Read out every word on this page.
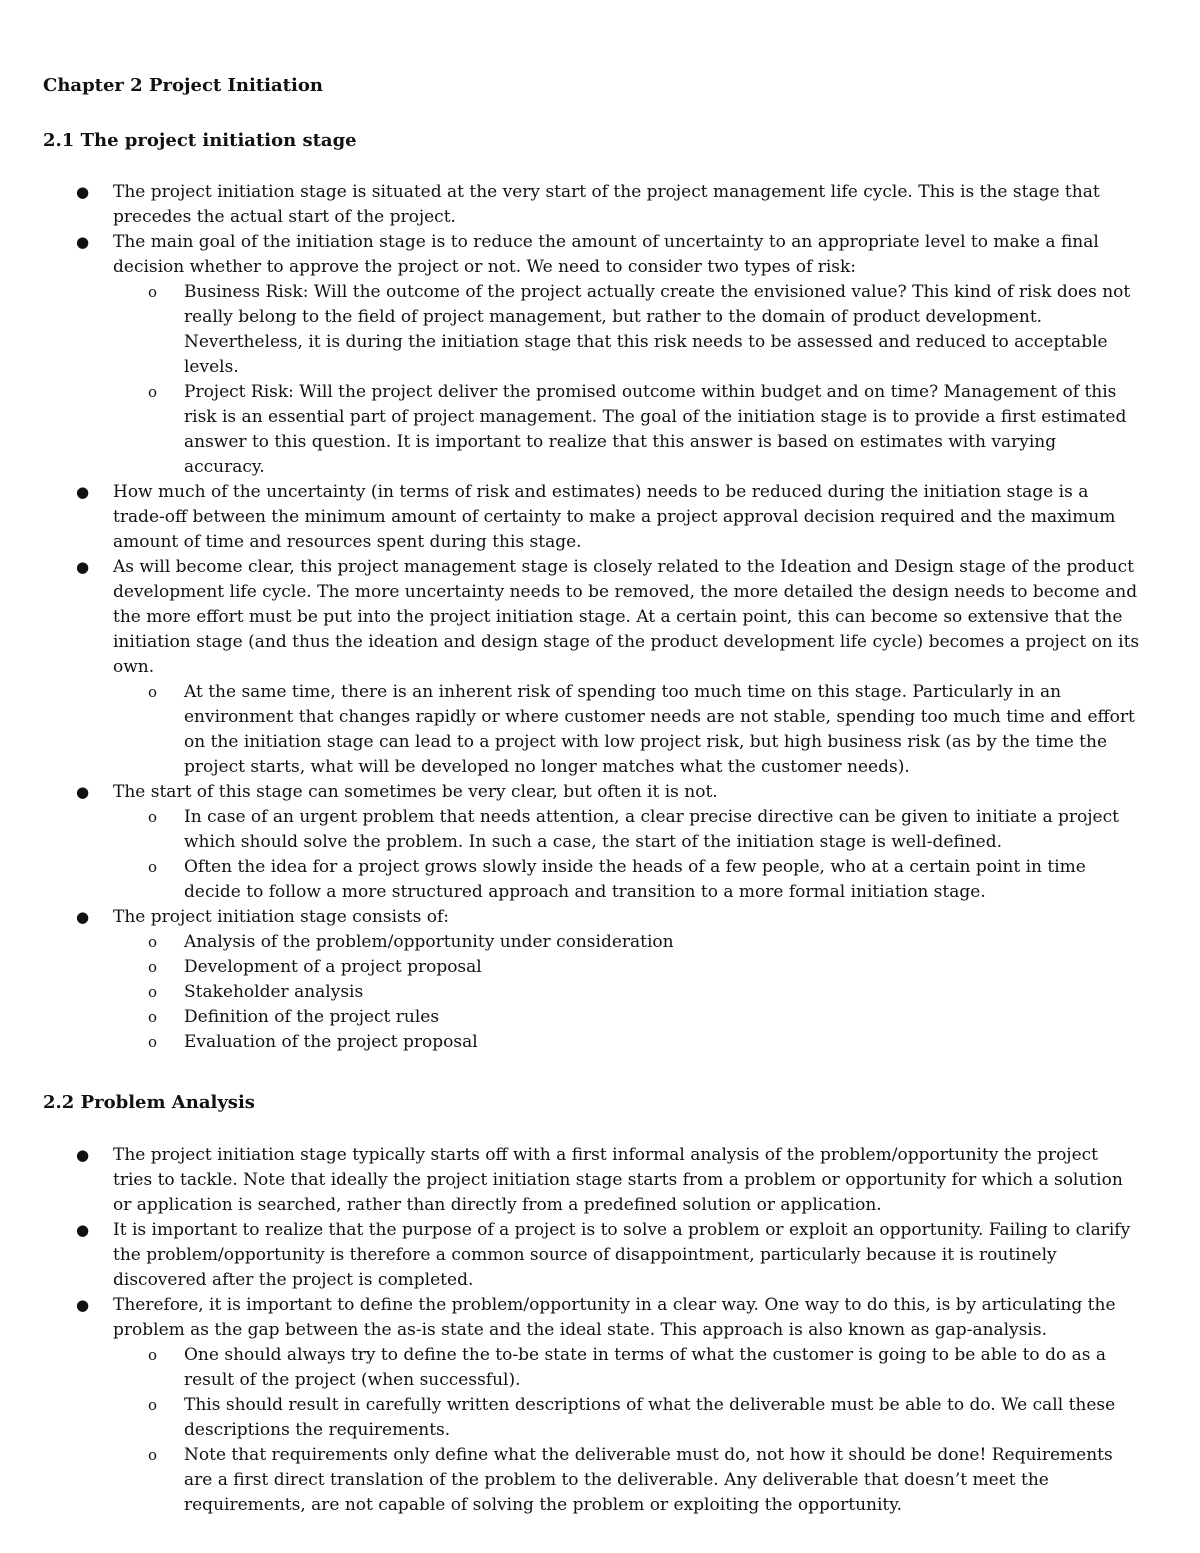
Chapter 2 Project Initiation
2.1 The project initiation stage
● The project initiation stage is situated at the very start of the project management life cycle. This is the stage that precedes the actual start of the project.
● The main goal of the initiation stage is to reduce the amount of uncertainty to an appropriate level to make a final decision whether to approve the project or not. We need to consider two types of risk:
o Business Risk: Will the outcome of the project actually create the envisioned value? This kind of risk does not really belong to the field of project management, but rather to the domain of product development. Nevertheless, it is during the initiation stage that this risk needs to be assessed and reduced to acceptable levels.
o Project Risk: Will the project deliver the promised outcome within budget and on time? Management of this risk is an essential part of project management. The goal of the initiation stage is to provide a first estimated answer to this question. It is important to realize that this answer is based on estimates with varying accuracy.
● How much of the uncertainty (in terms of risk and estimates) needs to be reduced during the initiation stage is a trade-off between the minimum amount of certainty to make a project approval decision required and the maximum amount of time and resources spent during this stage.
● As will become clear, this project management stage is closely related to the Ideation and Design stage of the product development life cycle. The more uncertainty needs to be removed, the more detailed the design needs to become and the more effort must be put into the project initiation stage. At a certain point, this can become so extensive that the initiation stage (and thus the ideation and design stage of the product development life cycle) becomes a project on its own.
o At the same time, there is an inherent risk of spending too much time on this stage. Particularly in an environment that changes rapidly or where customer needs are not stable, spending too much time and effort on the initiation stage can lead to a project with low project risk, but high business risk (as by the time the project starts, what will be developed no longer matches what the customer needs).
● The start of this stage can sometimes be very clear, but often it is not.
o In case of an urgent problem that needs attention, a clear precise directive can be given to initiate a project which should solve the problem. In such a case, the start of the initiation stage is well-defined.
o Often the idea for a project grows slowly inside the heads of a few people, who at a certain point in time decide to follow a more structured approach and transition to a more formal initiation stage.
● The project initiation stage consists of:
o Analysis of the problem/opportunity under consideration
o Development of a project proposal
o Stakeholder analysis
o Definition of the project rules
o Evaluation of the project proposal
2.2 Problem Analysis
● The project initiation stage typically starts off with a first informal analysis of the problem/opportunity the project tries to tackle. Note that ideally the project initiation stage starts from a problem or opportunity for which a solution or application is searched, rather than directly from a predefined solution or application.
● It is important to realize that the purpose of a project is to solve a problem or exploit an opportunity. Failing to clarify the problem/opportunity is therefore a common source of disappointment, particularly because it is routinely discovered after the project is completed.
● Therefore, it is important to define the problem/opportunity in a clear way. One way to do this, is by articulating the problem as the gap between the as-is state and the ideal state. This approach is also known as gap-analysis.
o One should always try to define the to-be state in terms of what the customer is going to be able to do as a result of the project (when successful).
o This should result in carefully written descriptions of what the deliverable must be able to do. We call these descriptions the requirements.
o Note that requirements only define what the deliverable must do, not how it should be done! Requirements are a first direct translation of the problem to the deliverable. Any deliverable that doesn’t meet the requirements, are not capable of solving the problem or exploiting the opportunity.
